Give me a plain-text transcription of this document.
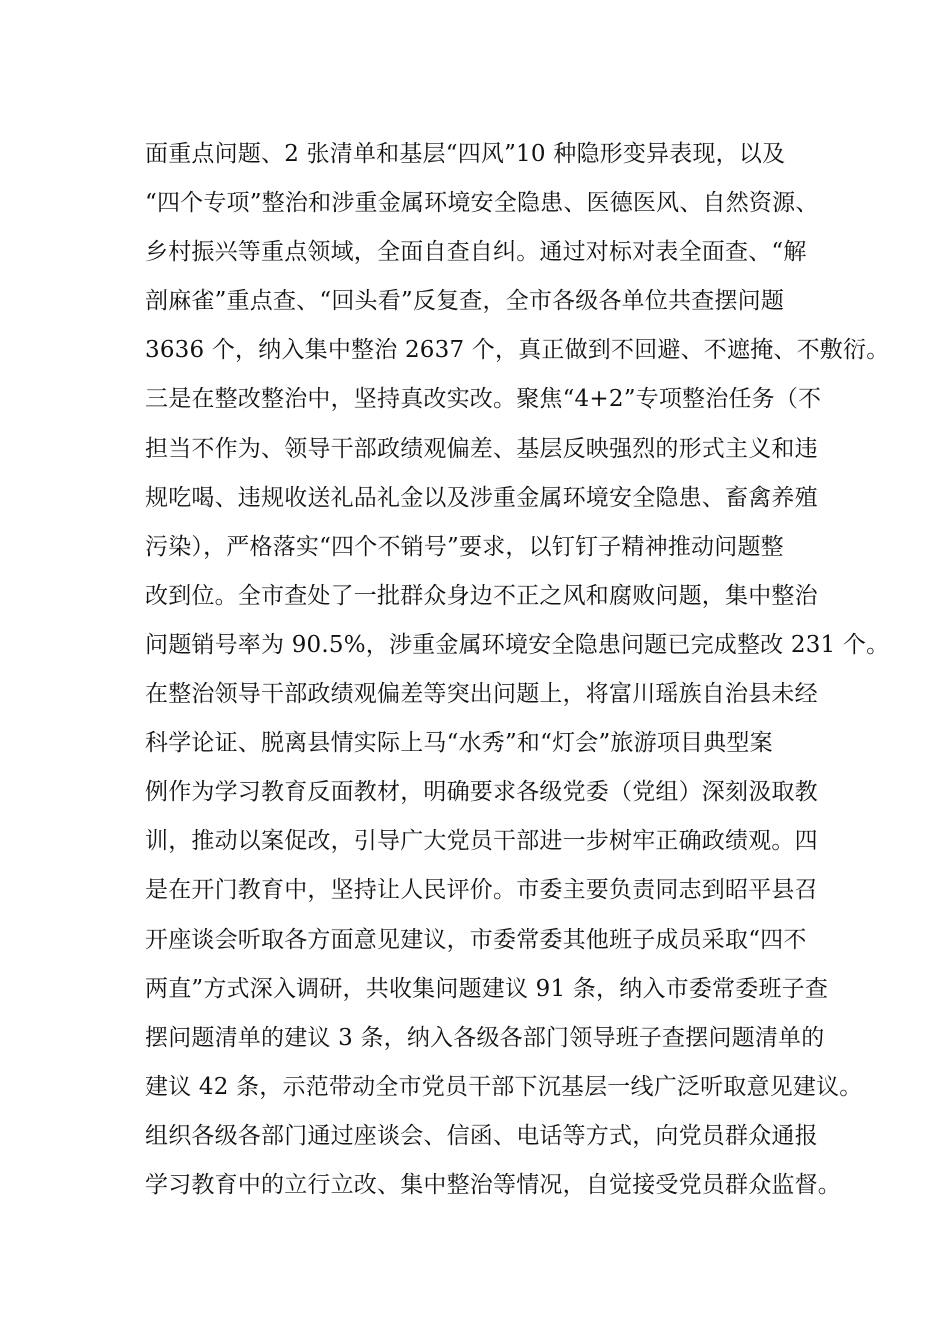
面重点问题、2 张清单和基层“四风”10 种隐形变异表现，以及
“四个专项”整治和涉重金属环境安全隐患、医德医风、自然资源、
乡村振兴等重点领域，全面自查自纠。通过对标对表全面查、“解
剖麻雀”重点查、“回头看”反复查，全市各级各单位共查摆问题
3636 个，纳入集中整治 2637 个，真正做到不回避、不遮掩、不敷衍。
三是在整改整治中，坚持真改实改。聚焦“4+2”专项整治任务（不
担当不作为、领导干部政绩观偏差、基层反映强烈的形式主义和违
规吃喝、违规收送礼品礼金以及涉重金属环境安全隐患、畜禽养殖
污染），严格落实“四个不销号”要求，以钉钉子精神推动问题整
改到位。全市查处了一批群众身边不正之风和腐败问题，集中整治
问题销号率为 90.5%，涉重金属环境安全隐患问题已完成整改 231 个。
在整治领导干部政绩观偏差等突出问题上，将富川瑶族自治县未经
科学论证、脱离县情实际上马“水秀”和“灯会”旅游项目典型案
例作为学习教育反面教材，明确要求各级党委（党组）深刻汲取教
训，推动以案促改，引导广大党员干部进一步树牢正确政绩观。四
是在开门教育中，坚持让人民评价。市委主要负责同志到昭平县召
开座谈会听取各方面意见建议，市委常委其他班子成员采取“四不
两直”方式深入调研，共收集问题建议 91 条，纳入市委常委班子查
摆问题清单的建议 3 条，纳入各级各部门领导班子查摆问题清单的
建议 42 条，示范带动全市党员干部下沉基层一线广泛听取意见建议。
组织各级各部门通过座谈会、信函、电话等方式，向党员群众通报
学习教育中的立行立改、集中整治等情况，自觉接受党员群众监督。
